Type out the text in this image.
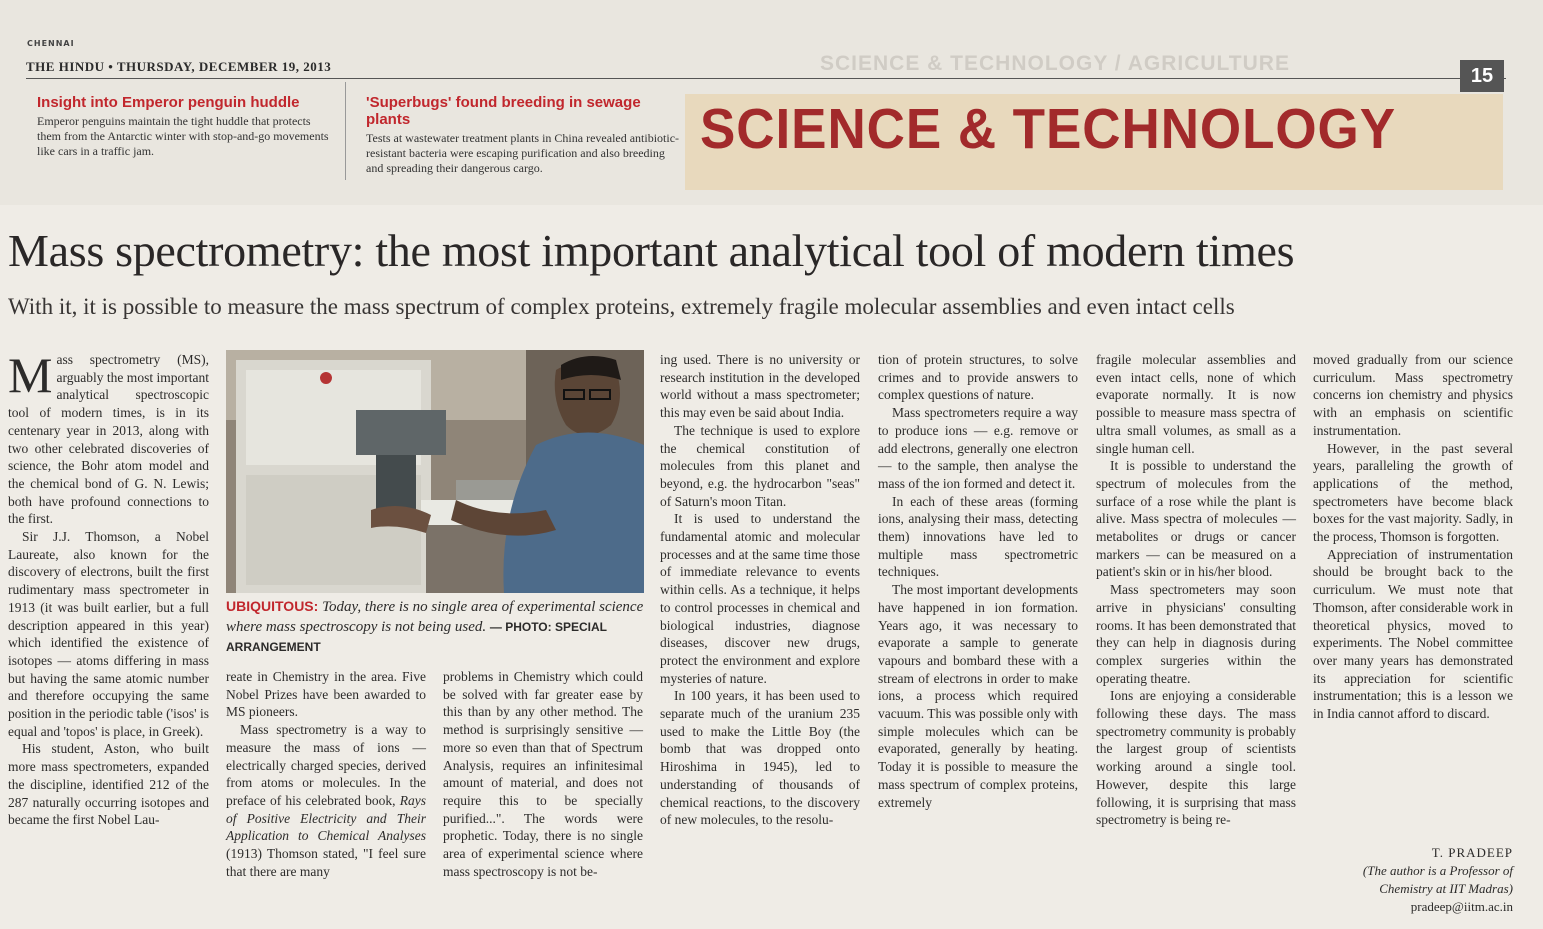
CHENNAI
THE HINDU • THURSDAY, DECEMBER 19, 2013	SCIENCE & TECHNOLOGY / AGRICULTURE
15
Insight into Emperor penguin huddle

Emperor penguins maintain the tight huddle that protects them from the Antarctic winter with stop-and-go movements like cars in a traffic jam.

'Superbugs' found breeding in sewage plants

Tests at wastewater treatment plants in China revealed antibiotic-resistant bacteria were escaping purification and also breeding and spreading their dangerous cargo.

SCIENCE & TECHNOLOGY
Mass spectrometry: the most important analytical tool of modern times
With it, it is possible to measure the mass spectrum of complex proteins, extremely fragile molecular assemblies and even intact cells

Mass spectrometry (MS), arguably the most important analytical spectroscopic tool of modern times, is in its centenary year in 2013, along with two other celebrated discoveries of science, the Bohr atom model and the chemical bond of G. N. Lewis; both have profound connections to the first.

Sir J.J. Thomson, a Nobel Laureate, also known for the discovery of electrons, built the first rudimentary mass spectrometer in 1913 (it was built earlier, but a full description appeared in this year) which identified the existence of isotopes — atoms differing in mass but having the same atomic number and therefore occupying the same position in the periodic table ('isos' is equal and 'topos' is place, in Greek).

His student, Aston, who built more mass spectrometers, expanded the discipline, identified 212 of the 287 naturally occurring isotopes and became the first Nobel Lau-

UBIQUITOUS: Today, there is no single area of experimental science where mass spectroscopy is not being used. — PHOTO: SPECIAL ARRANGEMENT

reate in Chemistry in the area. Five Nobel Prizes have been awarded to MS pioneers.

Mass spectrometry is a way to measure the mass of ions — electrically charged species, derived from atoms or molecules. In the preface of his celebrated book, Rays of Positive Electricity and Their Application to Chemical Analyses (1913) Thomson stated, "I feel sure that there are many

problems in Chemistry which could be solved with far greater ease by this than by any other method. The method is surprisingly sensitive — more so even than that of Spectrum Analysis, requires an infinitesimal amount of material, and does not require this to be specially purified...". The words were prophetic. Today, there is no single area of experimental science where mass spectroscopy is not be-

ing used. There is no university or research institution in the developed world without a mass spectrometer; this may even be said about India.

The technique is used to explore the chemical constitution of molecules from this planet and beyond, e.g. the hydrocarbon "seas" of Saturn's moon Titan.

It is used to understand the fundamental atomic and molecular processes and at the same time those of immediate relevance to events within cells. As a technique, it helps to control processes in chemical and biological industries, diagnose diseases, discover new drugs, protect the environment and explore mysteries of nature.

In 100 years, it has been used to separate much of the uranium 235 used to make the Little Boy (the bomb that was dropped onto Hiroshima in 1945), led to understanding of thousands of chemical reactions, to the discovery of new molecules, to the resolu-

tion of protein structures, to solve crimes and to provide answers to complex questions of nature.

Mass spectrometers require a way to produce ions — e.g. remove or add electrons, generally one electron — to the sample, then analyse the mass of the ion formed and detect it.

In each of these areas (forming ions, analysing their mass, detecting them) innovations have led to multiple mass spectrometric techniques.

The most important developments have happened in ion formation. Years ago, it was necessary to evaporate a sample to generate vapours and bombard these with a stream of electrons in order to make ions, a process which required vacuum. This was possible only with simple molecules which can be evaporated, generally by heating. Today it is possible to measure the mass spectrum of complex proteins, extremely

fragile molecular assemblies and even intact cells, none of which evaporate normally. It is now possible to measure mass spectra of ultra small volumes, as small as a single human cell.

It is possible to understand the spectrum of molecules from the surface of a rose while the plant is alive. Mass spectra of molecules — metabolites or drugs or cancer markers — can be measured on a patient's skin or in his/her blood.

Mass spectrometers may soon arrive in physicians' consulting rooms. It has been demonstrated that they can help in diagnosis during complex surgeries within the operating theatre.

Ions are enjoying a considerable following these days. The mass spectrometry community is probably the largest group of scientists working around a single tool. However, despite this large following, it is surprising that mass spectrometry is being re-

moved gradually from our science curriculum. Mass spectrometry concerns ion chemistry and physics with an emphasis on scientific instrumentation.

However, in the past several years, paralleling the growth of applications of the method, spectrometers have become black boxes for the vast majority. Sadly, in the process, Thomson is forgotten.

Appreciation of instrumentation should be brought back to the curriculum. We must note that Thomson, after considerable work in theoretical physics, moved to experiments. The Nobel committee over many years has demonstrated its appreciation for scientific instrumentation; this is a lesson we in India cannot afford to discard.

T. PRADEEP
(The author is a Professor of Chemistry at IIT Madras)
pradeep@iitm.ac.in
